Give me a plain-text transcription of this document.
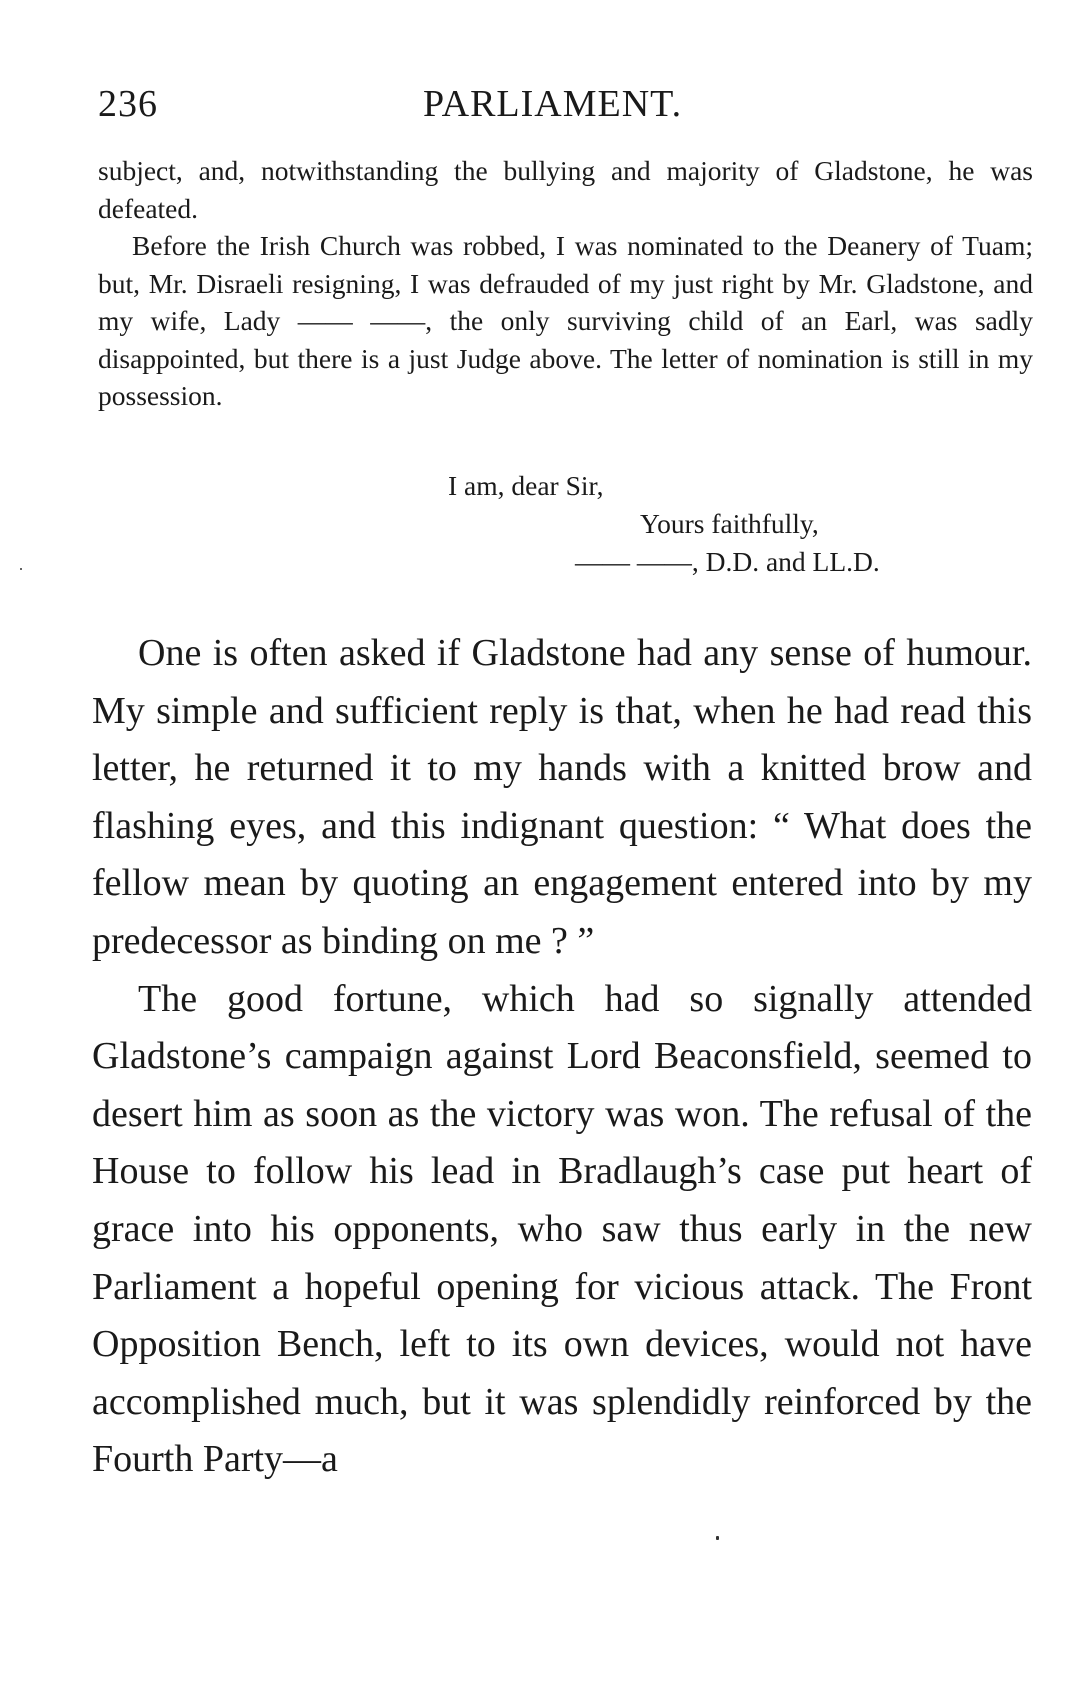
236	PARLIAMENT.

subject, and, notwithstanding the bullying and majority of Gladstone, he was defeated.

Before the Irish Church was robbed, I was nominated to the Deanery of Tuam; but, Mr. Disraeli resigning, I was defrauded of my just right by Mr. Gladstone, and my wife, Lady —— ——, the only surviving child of an Earl, was sadly disappointed, but there is a just Judge above. The letter of nomination is still in my possession.

I am, dear Sir,
Yours faithfully,
—— ——, D.D. and LL.D.

One is often asked if Gladstone had any sense of humour. My simple and sufficient reply is that, when he had read this letter, he returned it to my hands with a knitted brow and flashing eyes, and this indignant question: “ What does the fellow mean by quoting an engagement entered into by my predecessor as binding on me ? ”

The good fortune, which had so signally attended Gladstone’s campaign against Lord Beaconsfield, seemed to desert him as soon as the victory was won. The refusal of the House to follow his lead in Bradlaugh’s case put heart of grace into his opponents, who saw thus early in the new Parliament a hopeful opening for vicious attack. The Front Opposition Bench, left to its own devices, would not have accomplished much, but it was splendidly reinforced by the Fourth Party—a
